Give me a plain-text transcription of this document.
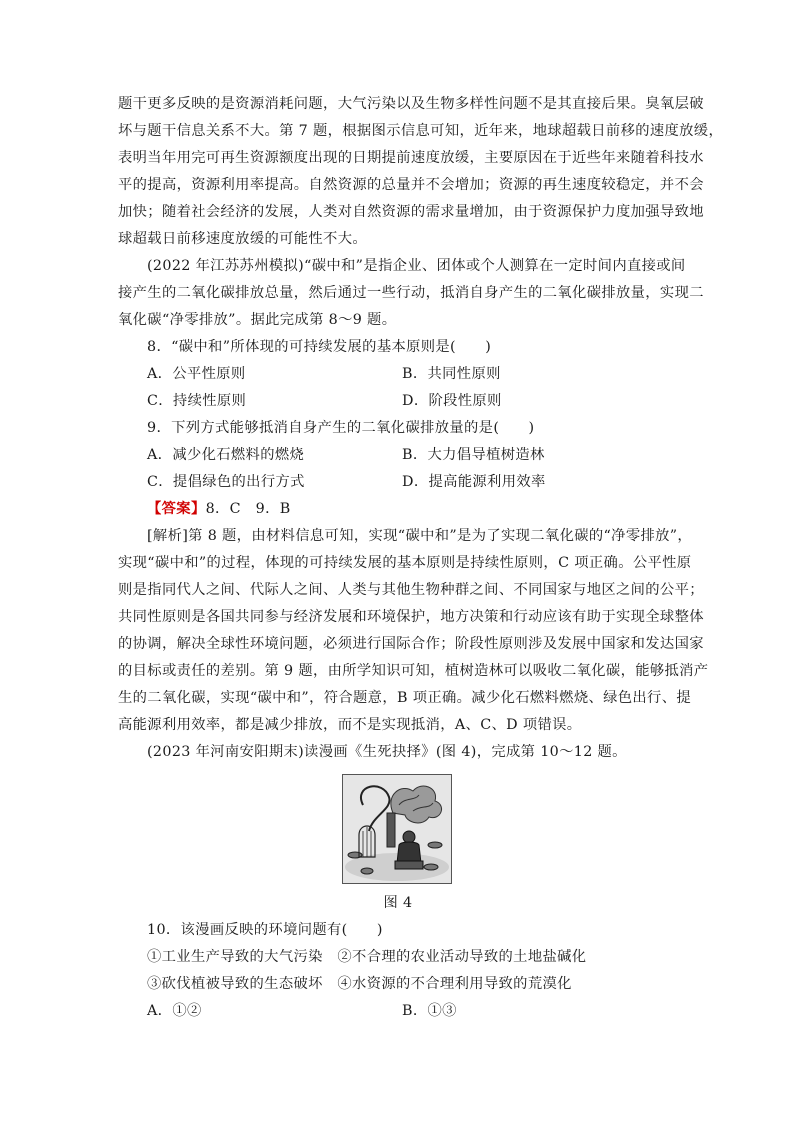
题干更多反映的是资源消耗问题，大气污染以及生物多样性问题不是其直接后果。臭氧层破
坏与题干信息关系不大。第 7 题，根据图示信息可知，近年来，地球超载日前移的速度放缓，
表明当年用完可再生资源额度出现的日期提前速度放缓，主要原因在于近些年来随着科技水
平的提高，资源利用率提高。自然资源的总量并不会增加；资源的再生速度较稳定，并不会
加快；随着社会经济的发展，人类对自然资源的需求量增加，由于资源保护力度加强导致地
球超载日前移速度放缓的可能性不大。
(2022 年江苏苏州模拟)“碳中和”是指企业、团体或个人测算在一定时间内直接或间
接产生的二氧化碳排放总量，然后通过一些行动，抵消自身产生的二氧化碳排放量，实现二
氧化碳“净零排放”。据此完成第 8～9 题。
8．“碳中和”所体现的可持续发展的基本原则是(　　)
A．公平性原则	B．共同性原则
C．持续性原则	D．阶段性原则
9．下列方式能够抵消自身产生的二氧化碳排放量的是(　　)
A．减少化石燃料的燃烧	B．大力倡导植树造林
C．提倡绿色的出行方式	D．提高能源利用效率
【答案】8．C　9．B
[解析]第 8 题，由材料信息可知，实现“碳中和”是为了实现二氧化碳的“净零排放”，
实现“碳中和”的过程，体现的可持续发展的基本原则是持续性原则，C 项正确。公平性原
则是指同代人之间、代际人之间、人类与其他生物种群之间、不同国家与地区之间的公平；
共同性原则是各国共同参与经济发展和环境保护，地方决策和行动应该有助于实现全球整体
的协调，解决全球性环境问题，必须进行国际合作；阶段性原则涉及发展中国家和发达国家
的目标或责任的差别。第 9 题，由所学知识可知，植树造林可以吸收二氧化碳，能够抵消产
生的二氧化碳，实现“碳中和”，符合题意，B 项正确。减少化石燃料燃烧、绿色出行、提
高能源利用效率，都是减少排放，而不是实现抵消，A、C、D 项错误。
(2023 年河南安阳期末)读漫画《生死抉择》(图 4)，完成第 10～12 题。
图 4
10．该漫画反映的环境问题有(　　)
①工业生产导致的大气污染　②不合理的农业活动导致的土地盐碱化
③砍伐植被导致的生态破坏　④水资源的不合理利用导致的荒漠化
A．①②	B．①③
